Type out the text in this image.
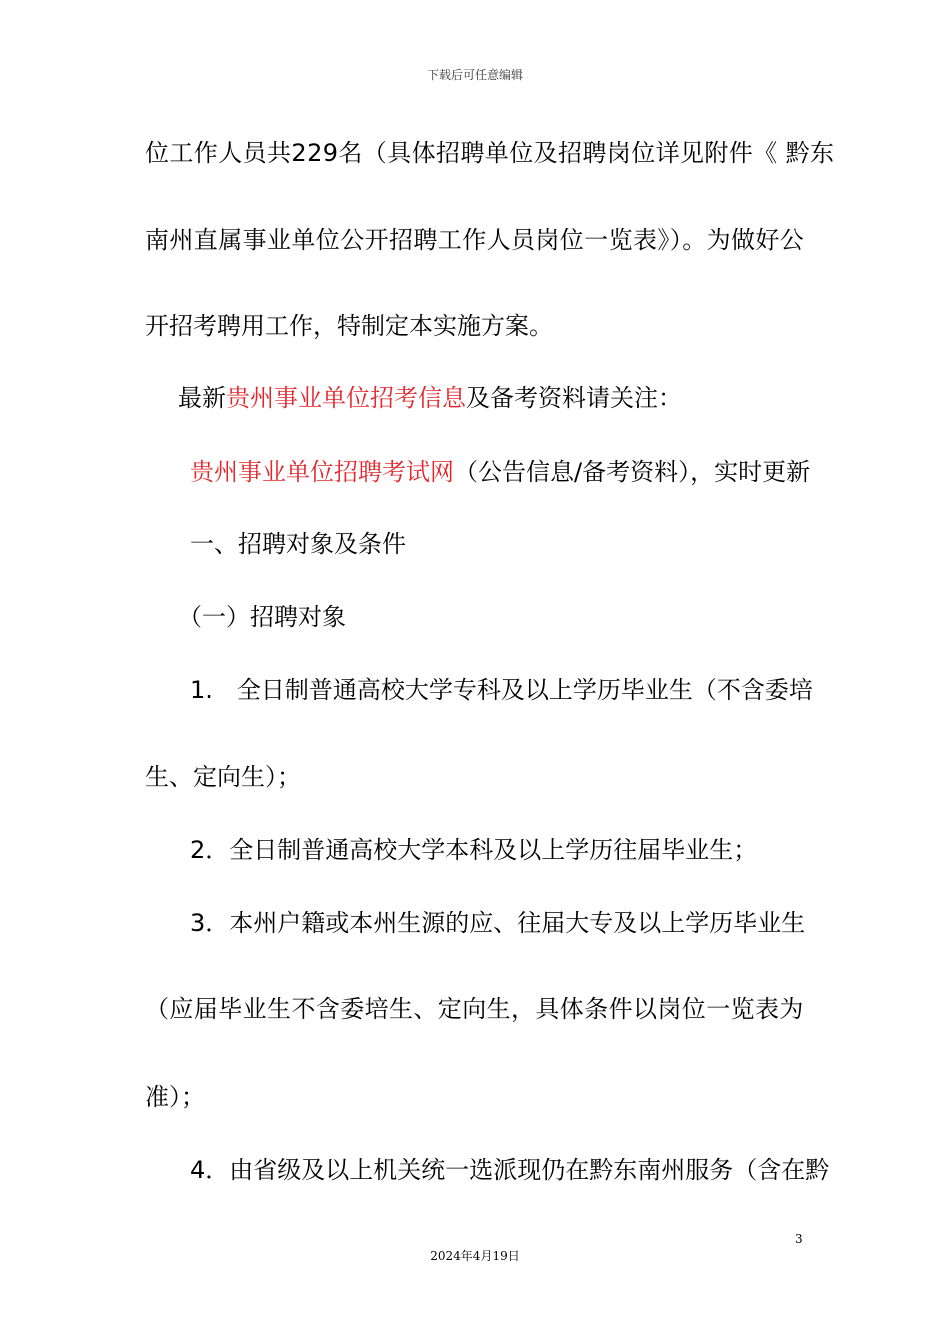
下载后可任意编辑
位工作人员共229名（具体招聘单位及招聘岗位详见附件《 黔东
南州直属事业单位公开招聘工作人员岗位一览表》）。为做好公
开招考聘用工作，特制定本实施方案。
最新贵州事业单位招考信息及备考资料请关注：
贵州事业单位招聘考试网（公告信息/备考资料），实时更新
一、招聘对象及条件
（一）招聘对象
1.　全日制普通高校大学专科及以上学历毕业生（不含委培
生、定向生）；
2．全日制普通高校大学本科及以上学历往届毕业生；
3．本州户籍或本州生源的应、往届大专及以上学历毕业生
（应届毕业生不含委培生、定向生，具体条件以岗位一览表为
准）；
4．由省级及以上机关统一选派现仍在黔东南州服务（含在黔
3
2024年4月19日
